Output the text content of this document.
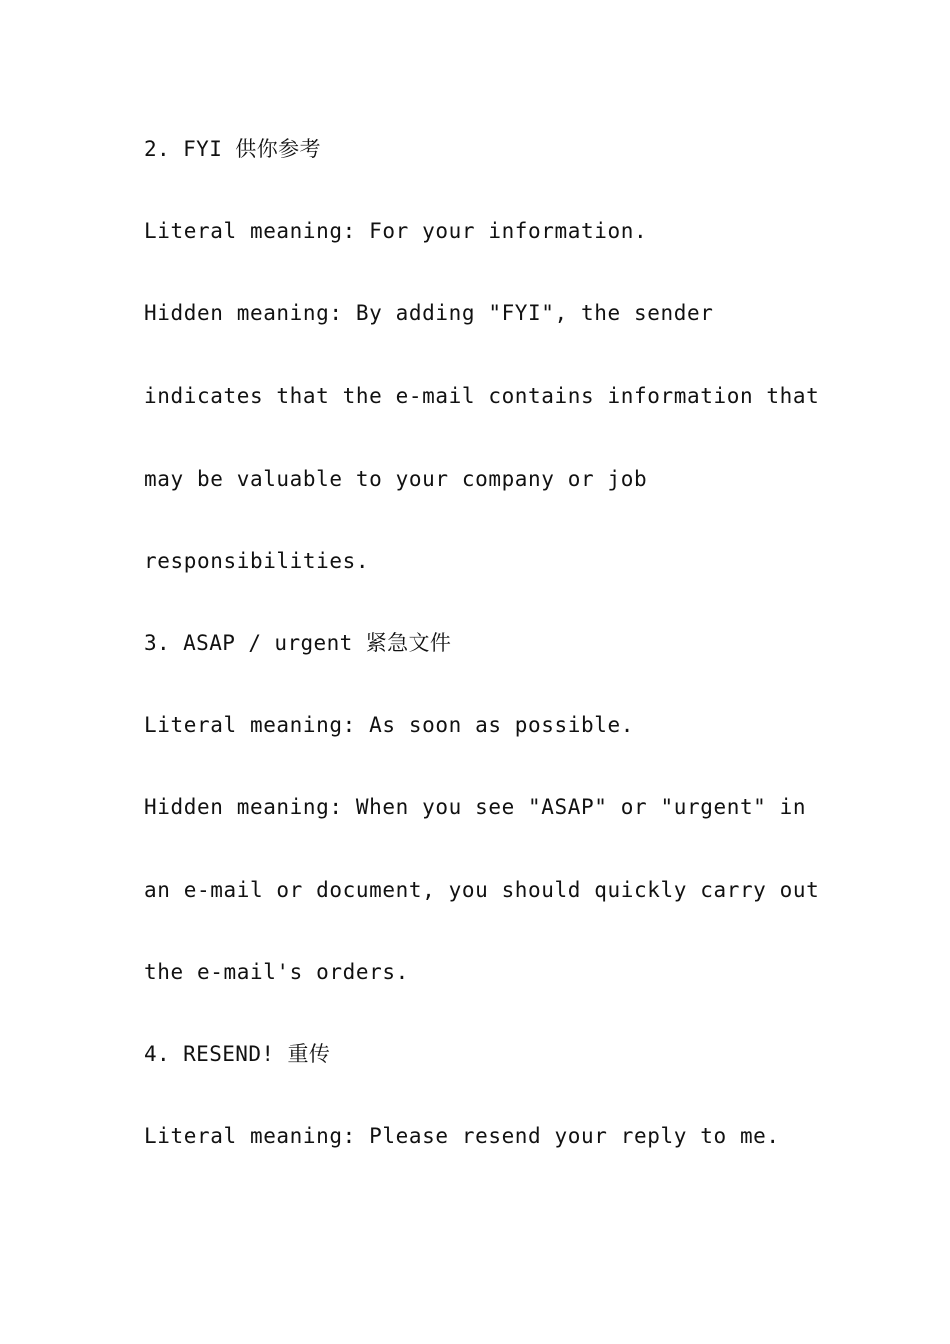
2. FYI 供你参考

Literal meaning: For your information.

Hidden meaning: By adding "FYI", the sender

indicates that the e-mail contains information that

may be valuable to your company or job

responsibilities.

3. ASAP / urgent 紧急文件

Literal meaning: As soon as possible.

Hidden meaning: When you see "ASAP" or "urgent" in

an e-mail or document, you should quickly carry out

the e-mail's orders.

4. RESEND! 重传

Literal meaning: Please resend your reply to me.
